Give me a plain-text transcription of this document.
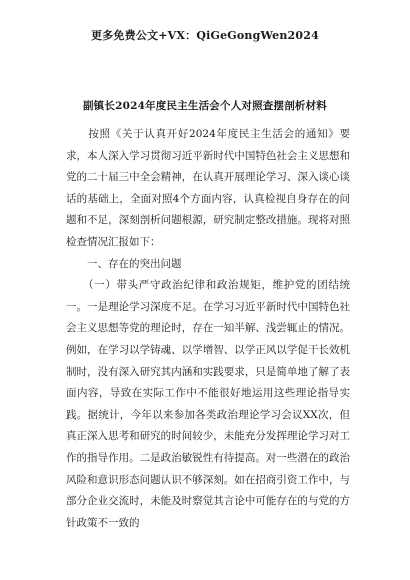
更多免费公文+VX：QiGeGongWen2024
副镇长2024年度民主生活会个人对照查摆剖析材料

　　按照《关于认真开好2024年度民主生活会的通知》要求，本人深入学习贯彻习近平新时代中国特色社会主义思想和党的二十届三中全会精神，在认真开展理论学习、深入谈心谈话的基础上，全面对照4个方面内容，认真检视自身存在的问题和不足，深刻剖析问题根源，研究制定整改措施。现将对照检查情况汇报如下：

　　一、存在的突出问题

　　（一）带头严守政治纪律和政治规矩，维护党的团结统一。一是理论学习深度不足。在学习习近平新时代中国特色社会主义思想等党的理论时，存在一知半解、浅尝辄止的情况。例如，在学习以学铸魂、以学增智、以学正风以学促干长效机制时，没有深入研究其内涵和实践要求，只是简单地了解了表面内容，导致在实际工作中不能很好地运用这些理论指导实践。据统计，今年以来参加各类政治理论学习会议XX次，但真正深入思考和研究的时间较少，未能充分发挥理论学习对工作的指导作用。二是政治敏锐性有待提高。对一些潜在的政治风险和意识形态问题认识不够深刻。如在招商引资工作中，与部分企业交流时，未能及时察觉其言论中可能存在的与党的方针政策不一致的
